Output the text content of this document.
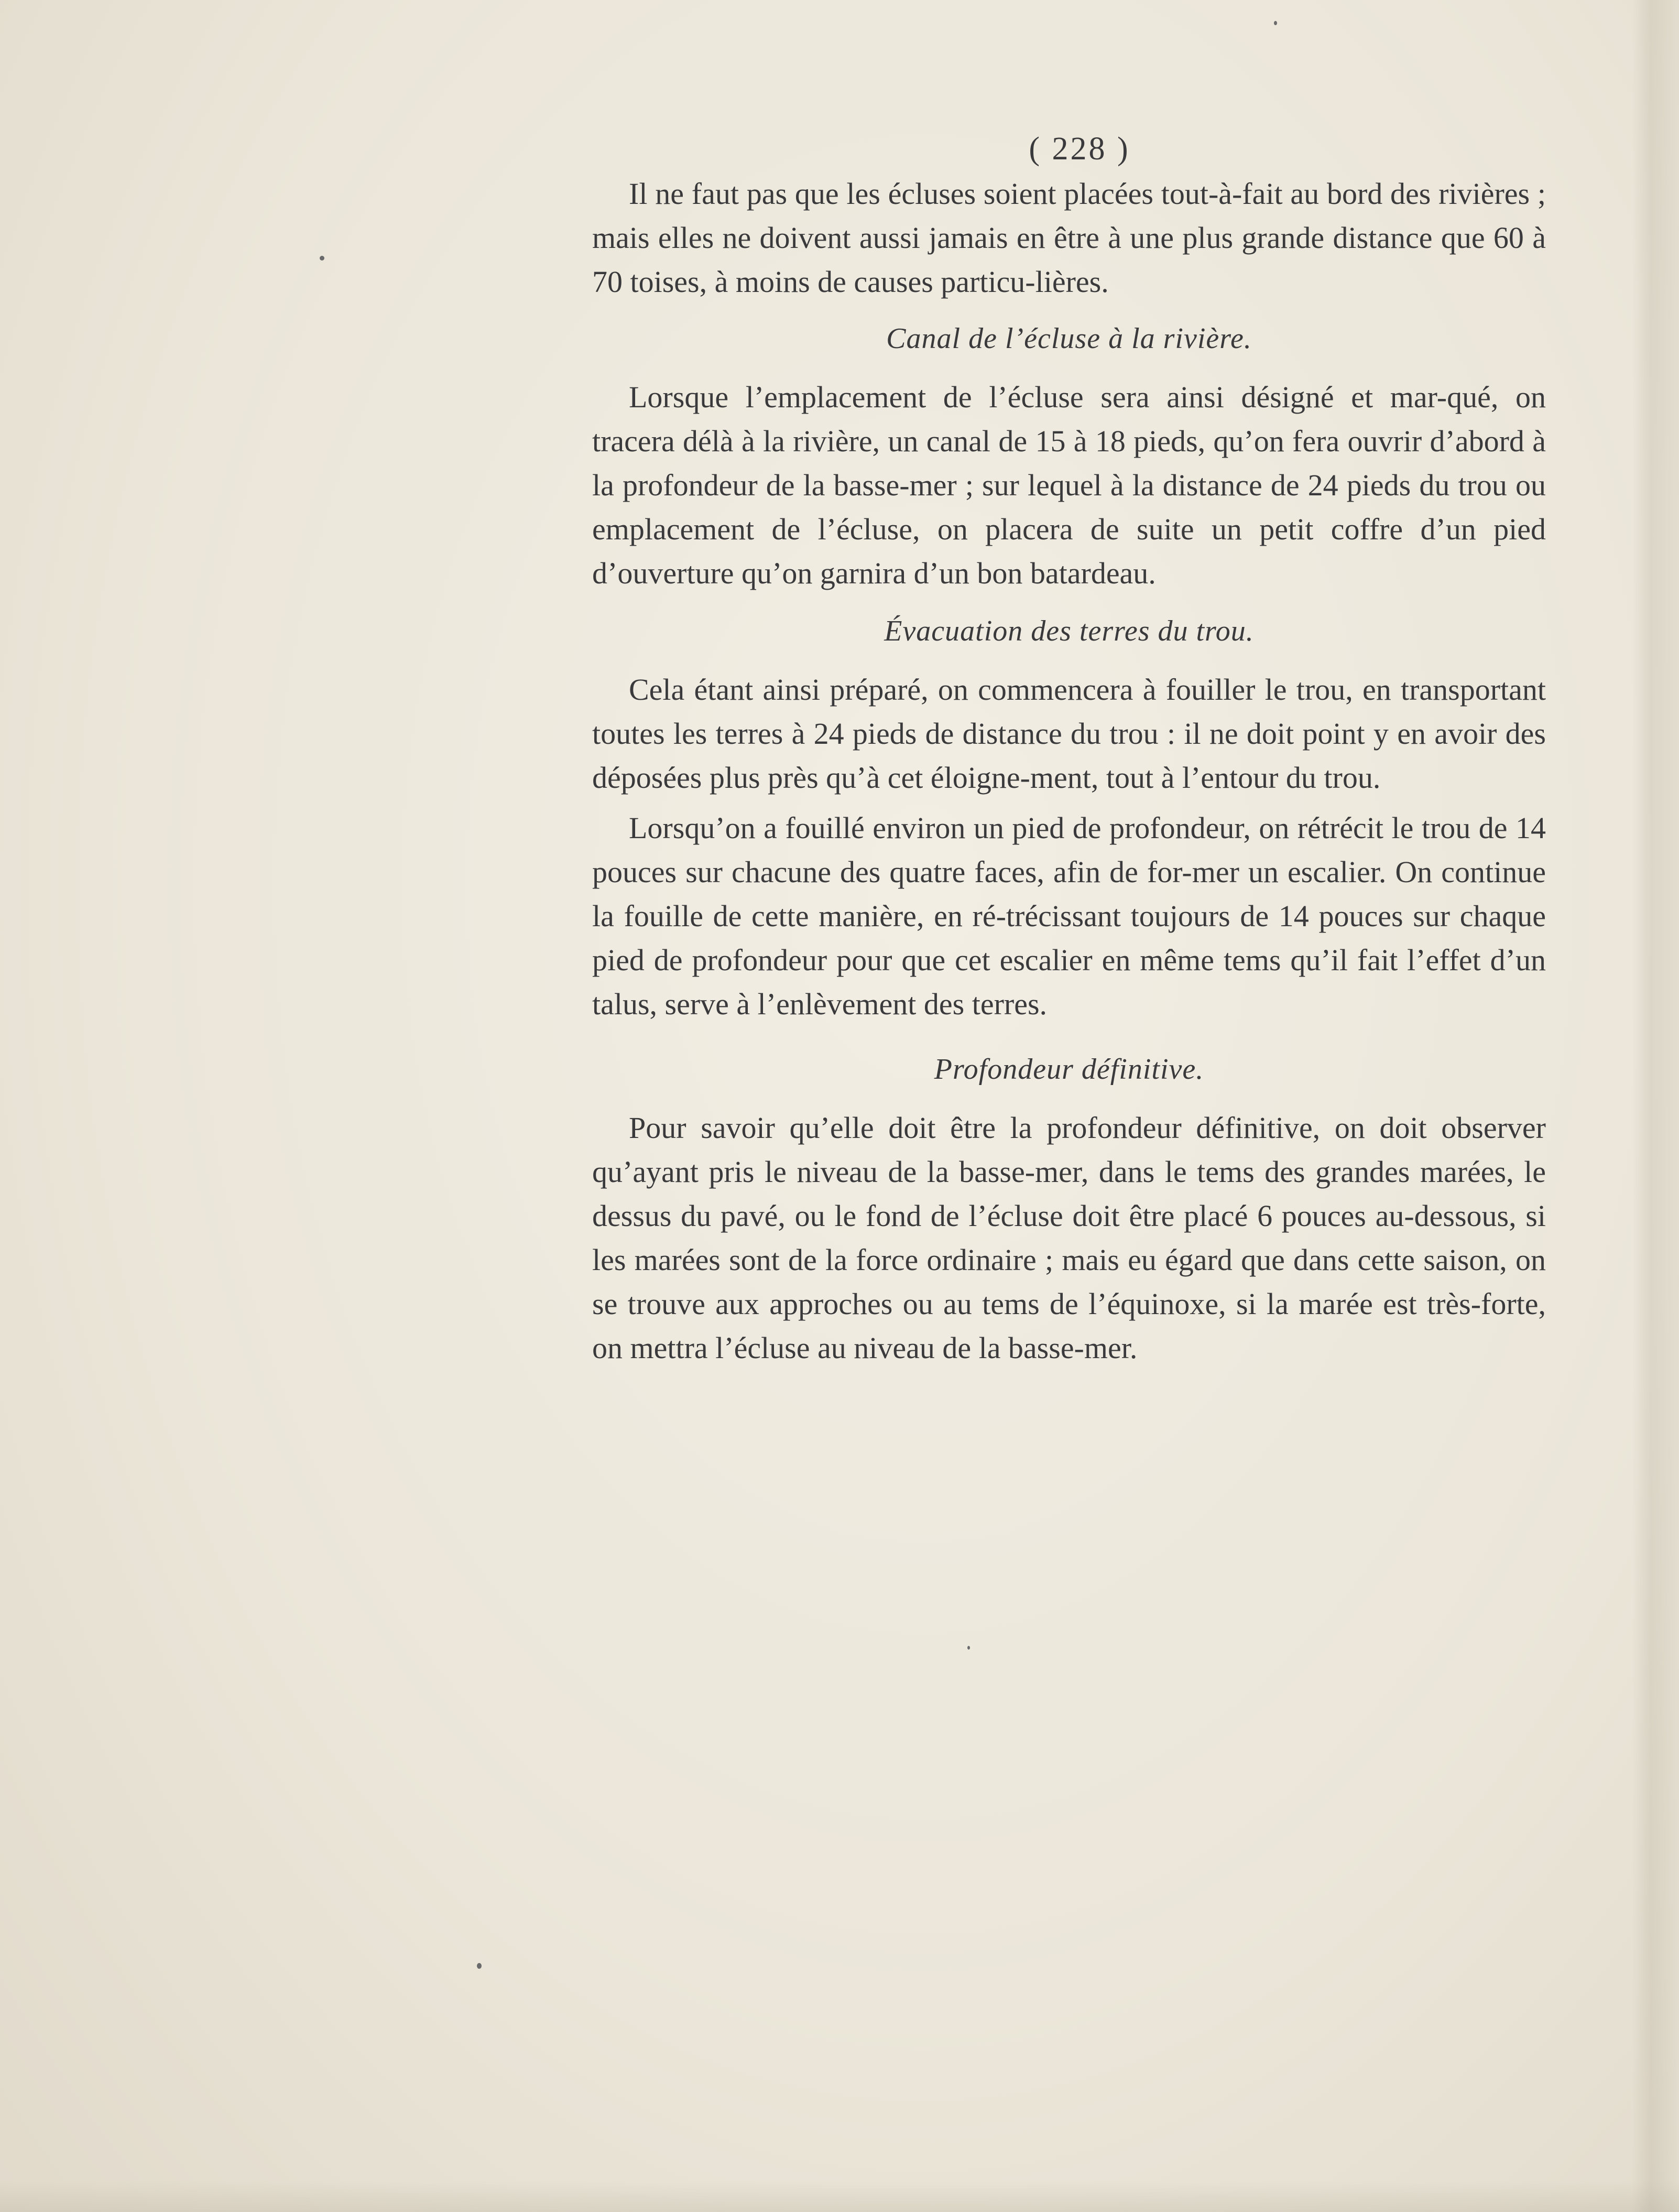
( 228 )

Il ne faut pas que les écluses soient placées tout-à-fait au bord des rivières ; mais elles ne doivent aussi jamais en être à une plus grande distance que 60 à 70 toises, à moins de causes particu-lières.

Canal de l’écluse à la rivière.

Lorsque l’emplacement de l’écluse sera ainsi désigné et mar-qué, on tracera délà à la rivière, un canal de 15 à 18 pieds, qu’on fera ouvrir d’abord à la profondeur de la basse-mer ; sur lequel à la distance de 24 pieds du trou ou emplacement de l’écluse, on placera de suite un petit coffre d’un pied d’ouverture qu’on garnira d’un bon batardeau.

Évacuation des terres du trou.

Cela étant ainsi préparé, on commencera à fouiller le trou, en transportant toutes les terres à 24 pieds de distance du trou : il ne doit point y en avoir des déposées plus près qu’à cet éloigne-ment, tout à l’entour du trou.

Lorsqu’on a fouillé environ un pied de profondeur, on rétrécit le trou de 14 pouces sur chacune des quatre faces, afin de for-mer un escalier. On continue la fouille de cette manière, en ré-trécissant toujours de 14 pouces sur chaque pied de profondeur pour que cet escalier en même tems qu’il fait l’effet d’un talus, serve à l’enlèvement des terres.

Profondeur définitive.

Pour savoir qu’elle doit être la profondeur définitive, on doit observer qu’ayant pris le niveau de la basse-mer, dans le tems des grandes marées, le dessus du pavé, ou le fond de l’écluse doit être placé 6 pouces au-dessous, si les marées sont de la force ordinaire ; mais eu égard que dans cette saison, on se trouve aux approches ou au tems de l’équinoxe, si la marée est très-forte, on mettra l’écluse au niveau de la basse-mer.
